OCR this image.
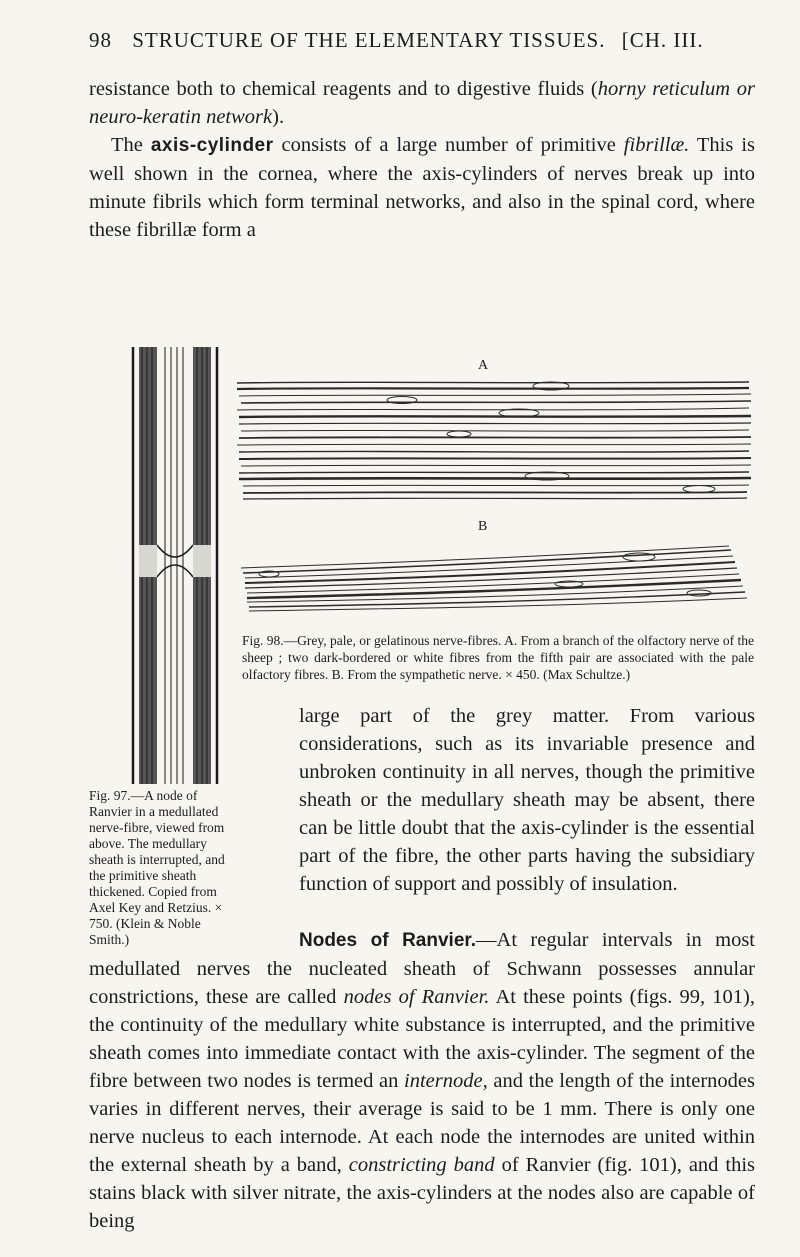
98 STRUCTURE OF THE ELEMENTARY TISSUES. [CH. III.

resistance both to chemical reagents and to digestive fluids (horny reticulum or neuro-keratin network).

The axis-cylinder consists of a large number of primitive fibrillæ. This is well shown in the cornea, where the axis-cylinders of nerves break up into minute fibrils which form terminal networks, and also in the spinal cord, where these fibrillæ form a

A
B

Fig. 98.—Grey, pale, or gelatinous nerve-fibres. A. From a branch of the olfactory nerve of the sheep ; two dark-bordered or white fibres from the fifth pair are associated with the pale olfactory fibres. B. From the sympathetic nerve. × 450. (Max Schultze.)

large part of the grey matter. From various considerations, such as its invariable presence and unbroken continuity in all nerves, though the primitive sheath or the medullary sheath may be absent, there can be little doubt that the axis-cylinder is the essential part of the fibre, the other parts having the subsidiary function of support and possibly of insulation.

Fig. 97.—A node of Ranvier in a medullated nerve-fibre, viewed from above. The medullary sheath is interrupted, and the primitive sheath thickened. Copied from Axel Key and Retzius. × 750. (Klein & Noble Smith.)	Nodes of Ranvier.—At regular intervals in most medullated nerves the nucleated sheath of Schwann possesses annular constrictions, these are called nodes of Ranvier. At these points (figs. 99, 101), the continuity of the medullary white substance is interrupted, and the primitive sheath comes into immediate contact with the axis-cylinder. The segment of the fibre between two nodes is termed an internode, and the length of the internodes varies in different nerves, their average is said to be 1 mm. There is only one nerve nucleus to each internode. At each node the internodes are united within the external sheath by a band, constricting band of Ranvier (fig. 101), and this stains black with silver nitrate, the axis-cylinders at the nodes also are capable of being
